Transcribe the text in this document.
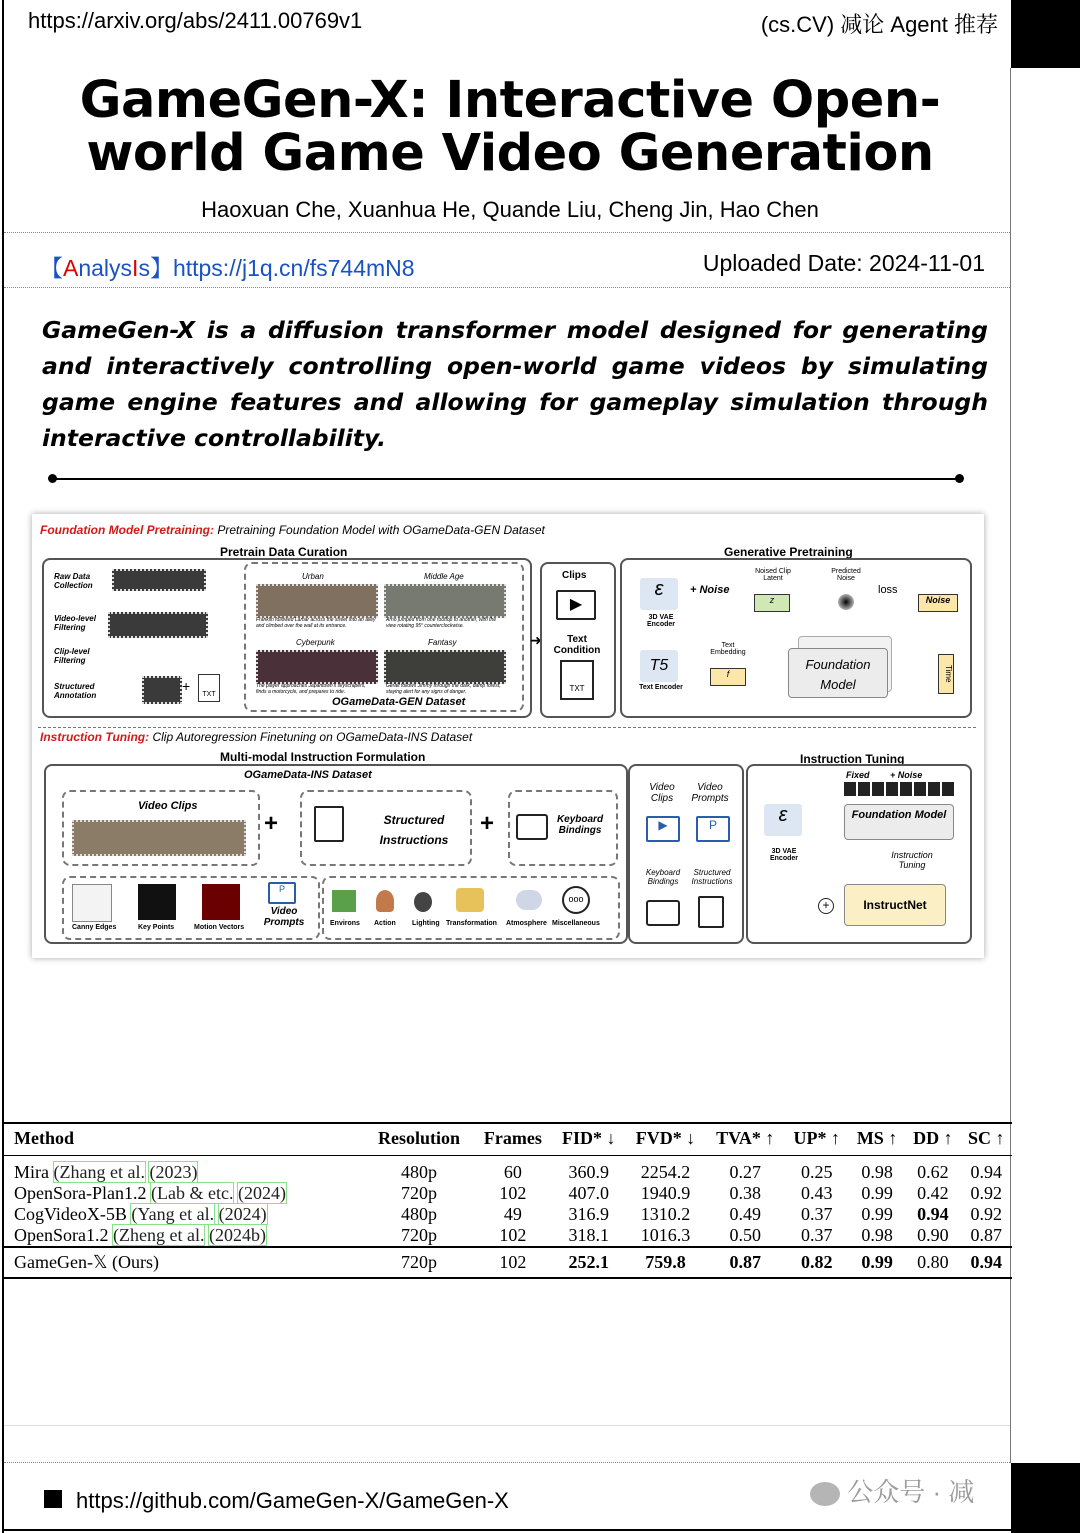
https://arxiv.org/abs/2411.00769v1	(cs.CV) 减论 Agent 推荐
GameGen-X: Interactive Open-world Game Video Generation
Haoxuan Che, Xuanhua He, Quande Liu, Cheng Jin, Hao Chen
【AnalysIs】https://j1q.cn/fs744mN8	Uploaded Date: 2024-11-01
GameGen-X is a diffusion transformer model designed for generating and interactively controlling open-world game videos by simulating game engine features and allowing for gameplay simulation through interactive controllability.
Foundation Model Pretraining: Pretraining Foundation Model with OGameData-GEN Dataset
Pretrain Data Curation	Generative Pretraining
Raw Data Collection
Video-level Filtering
Clip-level Filtering
Structured Annotation
+
TXT
Urban	Middle Age
Franklin followed Lamar across the street into an alley and climbed over the wall at its entrance.
Arno jumped from one rooftop to another, with the view rotating 95° counterclockwise.
Cyberpunk	Fantasy
The player approaches Japantown's skyscrapers, finds a motorcycle, and prepares to ride.
Geralt follows Jimmy through the dark, damp forest, staying alert for any signs of danger.
OGameData-GEN Dataset
➜
Clips
▶
Text Condition
TXT
ε
3D VAE Encoder
T5
Text Encoder
+ Noise
Noised Clip Latent
z
Predicted Noise
loss
Noise
Text Embedding
f
Foundation Model
Time
Instruction Tuning: Clip Autoregression Finetuning on OGameData-INS Dataset
Multi-modal Instruction Formulation	Instruction Tuning
OGameData-INS Dataset
Video Clips
+	Structured Instructions
+	Keyboard Bindings
P
Canny Edges	Key Points	Motion Vectors
Video Prompts
ooo
Environs Action Lighting Transformation Atmosphere Miscellaneous
Video Clips
Video Prompts
▶	P
Keyboard Bindings
Structured Instructions
Fixed + Noise
ε
3D VAE Encoder
Foundation Model
Instruction Tuning
InstructNet
+
Method	Resolution	Frames	FID* ↓	FVD* ↓	TVA* ↑	UP* ↑	MS ↑	DD ↑	SC ↑

Mira (Zhang et al. (2023)	480p	60	360.9	2254.2	0.27	0.25	0.98	0.62	0.94
OpenSora-Plan1.2 (Lab & etc. (2024)	720p	102	407.0	1940.9	0.38	0.43	0.99	0.42	0.92
CogVideoX-5B (Yang et al. (2024)	480p	49	316.9	1310.2	0.49	0.37	0.99	0.94	0.92
OpenSora1.2 (Zheng et al. (2024b)	720p	102	318.1	1016.3	0.50	0.37	0.98	0.90	0.87
GameGen-𝕏 (Ours)	720p	102	252.1	759.8	0.87	0.82	0.99	0.80	0.94
https://github.com/GameGen-X/GameGen-X	公众号 · 减
